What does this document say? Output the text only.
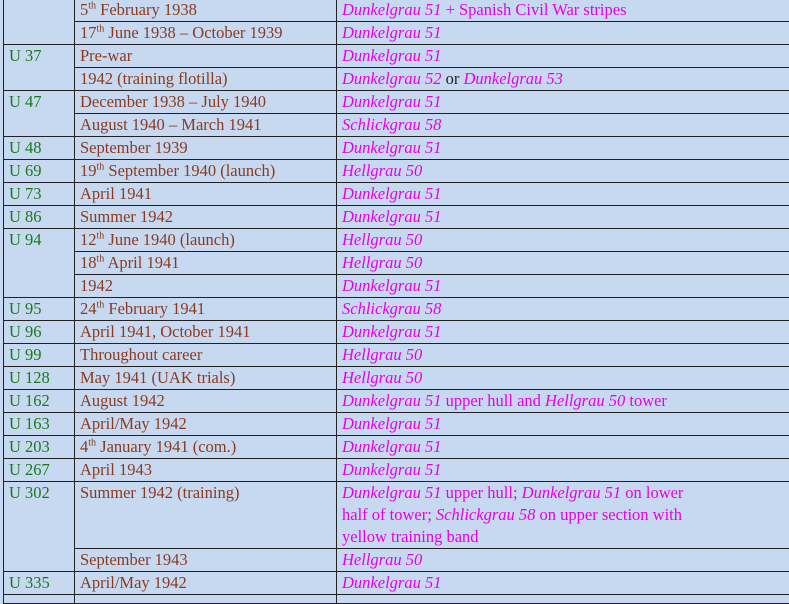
	5th February 1938	Dunkelgrau 51 + Spanish Civil War stripes
	17th June 1938 – October 1939	Dunkelgrau 51
U 37	Pre-war	Dunkelgrau 51
	1942 (training flotilla)	Dunkelgrau 52 or Dunkelgrau 53
U 47	December 1938 – July 1940	Dunkelgrau 51
	August 1940 – March 1941	Schlickgrau 58
U 48	September 1939	Dunkelgrau 51
U 69	19th September 1940 (launch)	Hellgrau 50
U 73	April 1941	Dunkelgrau 51
U 86	Summer 1942	Dunkelgrau 51
U 94	12th June 1940 (launch)	Hellgrau 50
	18th April 1941	Hellgrau 50
	1942	Dunkelgrau 51
U 95	24th February 1941	Schlickgrau 58
U 96	April 1941, October 1941	Dunkelgrau 51
U 99	Throughout career	Hellgrau 50
U 128	May 1941 (UAK trials)	Hellgrau 50
U 162	August 1942	Dunkelgrau 51 upper hull and Hellgrau 50 tower
U 163	April/May 1942	Dunkelgrau 51
U 203	4th January 1941 (com.)	Dunkelgrau 51
U 267	April 1943	Dunkelgrau 51
U 302	Summer 1942 (training)	Dunkelgrau 51 upper hull; Dunkelgrau 51 on lower half of tower; Schlickgrau 58 on upper section with yellow training band
	September 1943	Hellgrau 50
U 335	April/May 1942	Dunkelgrau 51
